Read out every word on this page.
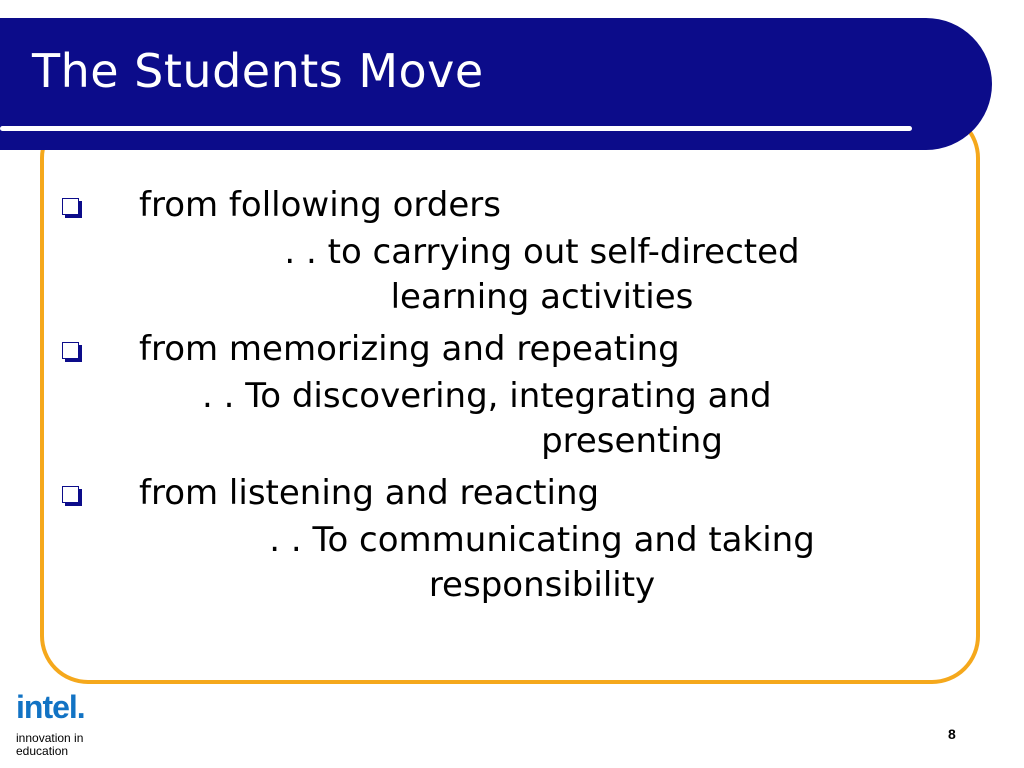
The Students Move
from following orders
. . to carrying out self-directed
learning activities
from memorizing and repeating
. . To discovering, integrating and
presenting
from listening and reacting
. . To communicating and taking
responsibility
intel.
innovation in
education
8
